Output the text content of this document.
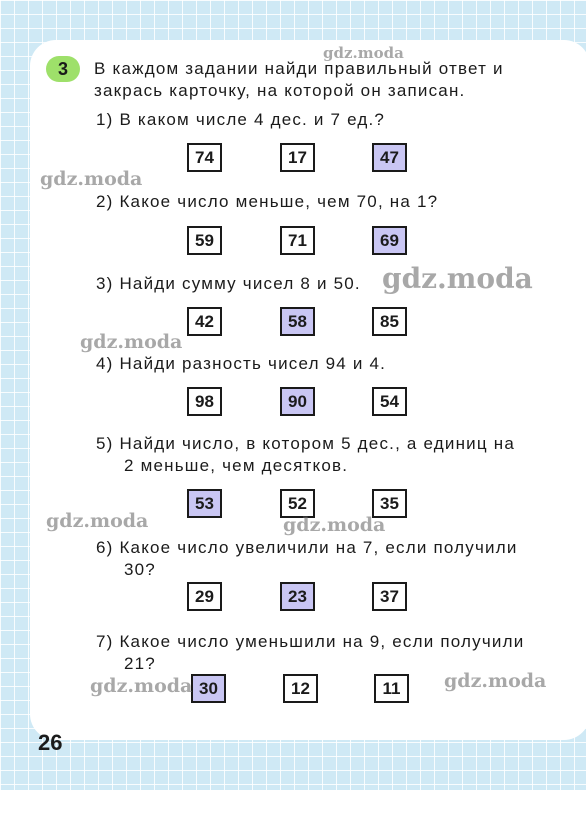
3	В каждом задании найди правильный ответ и
закрась карточку, на которой он записан.
1) В каком числе 4 дес. и 7 ед.?
74	17	47
2) Какое число меньше, чем 70, на 1?
59	71	69
3) Найди сумму чисел 8 и 50.
42	58	85
4) Найди разность чисел 94 и 4.
98	90	54
5) Найди число, в котором 5 дес., а единиц на
2 меньше, чем десятков.
53	52	35
6) Какое число увеличили на 7, если получили
30?
29	23	37
7) Какое число уменьшили на 9, если получили
21?
30	12	11
gdz.moda
gdz.moda
gdz.moda
gdz.moda
gdz.moda	gdz.moda
gdz.moda	gdz.moda
26
